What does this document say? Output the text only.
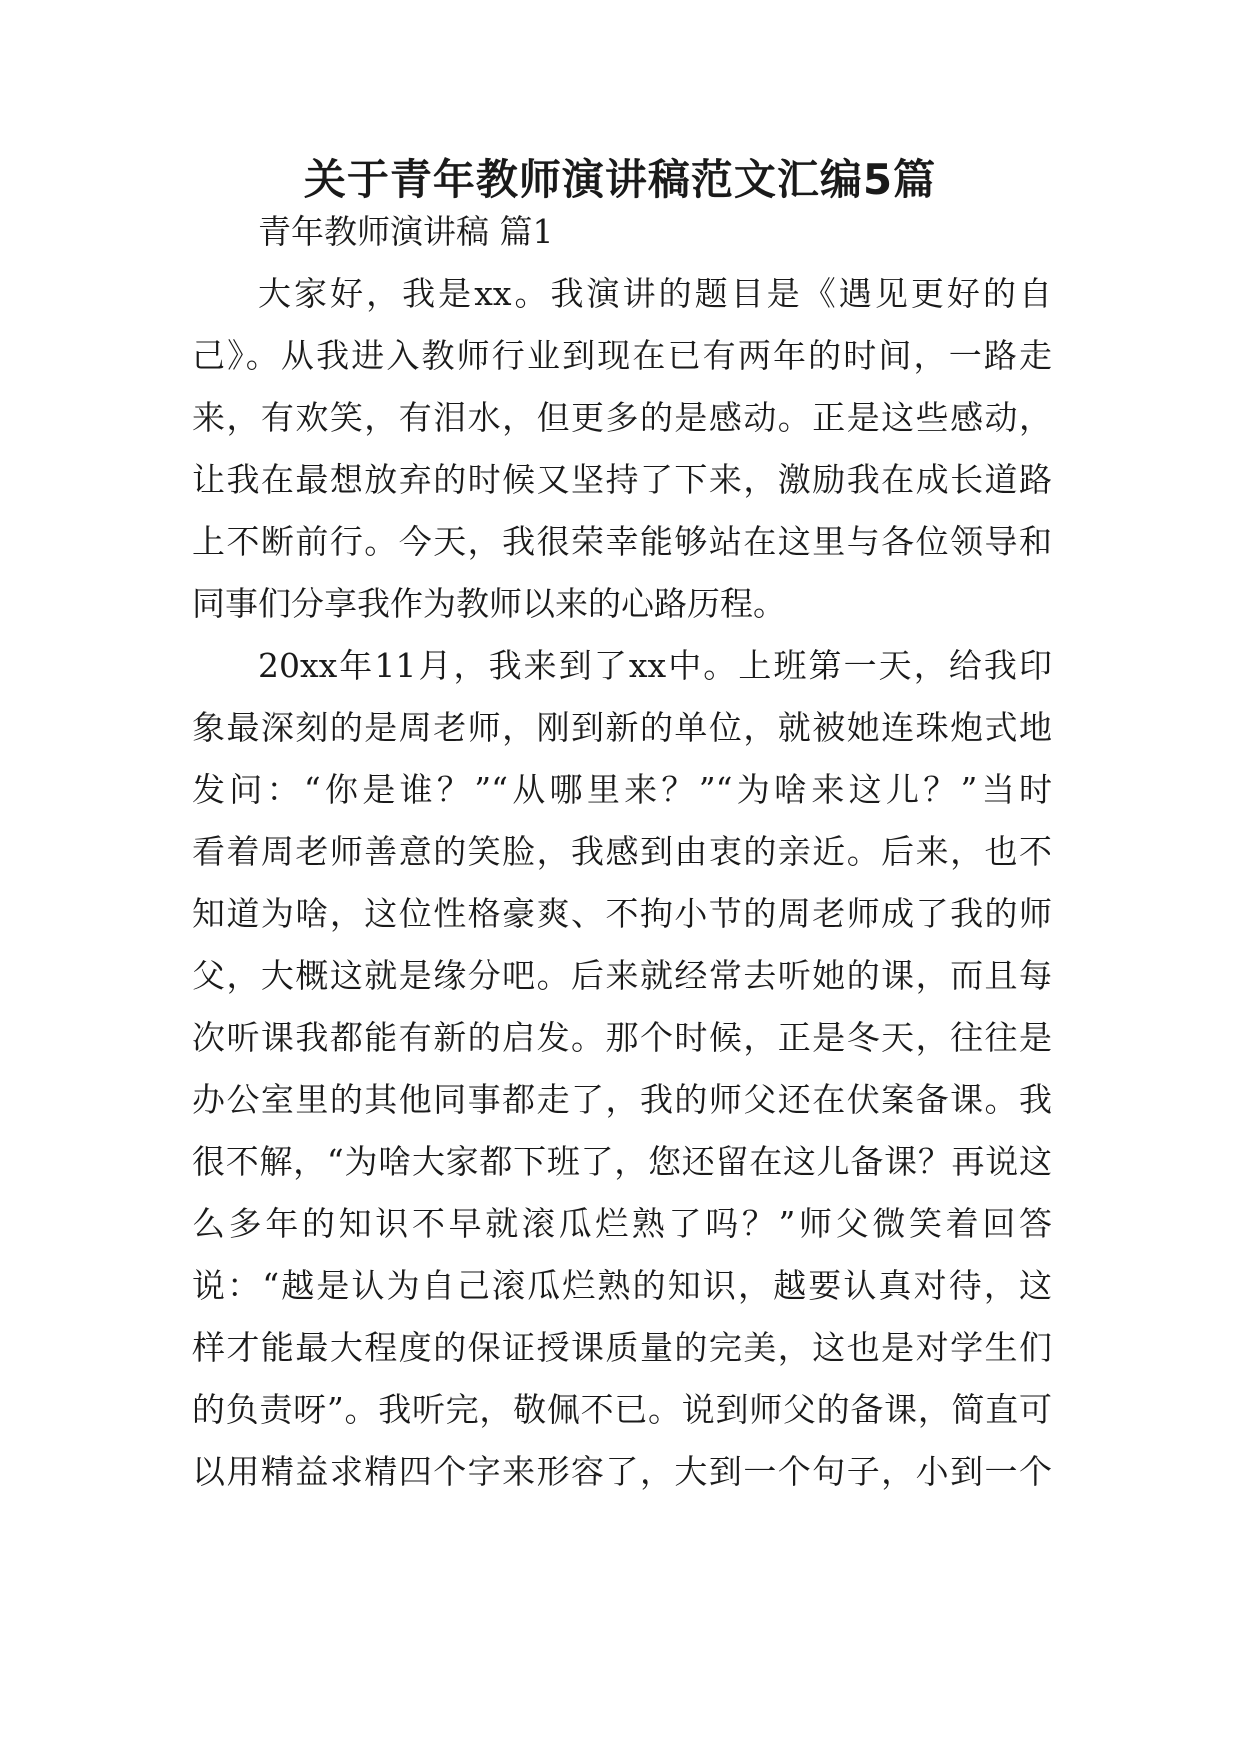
关于青年教师演讲稿范文汇编5篇
青年教师演讲稿 篇1
大家好，我是xx。我演讲的题目是《遇见更好的自
己》。从我进入教师行业到现在已有两年的时间，一路走
来，有欢笑，有泪水，但更多的是感动。正是这些感动，
让我在最想放弃的时候又坚持了下来，激励我在成长道路
上不断前行。今天，我很荣幸能够站在这里与各位领导和
同事们分享我作为教师以来的心路历程。
20xx年11月，我来到了xx中。上班第一天，给我印
象最深刻的是周老师，刚到新的单位，就被她连珠炮式地
发问：“你是谁？”“从哪里来？”“为啥来这儿？”当时
看着周老师善意的笑脸，我感到由衷的亲近。后来，也不
知道为啥，这位性格豪爽、不拘小节的周老师成了我的师
父，大概这就是缘分吧。后来就经常去听她的课，而且每
次听课我都能有新的启发。那个时候，正是冬天，往往是
办公室里的其他同事都走了，我的师父还在伏案备课。我
很不解，“为啥大家都下班了，您还留在这儿备课？再说这
么多年的知识不早就滚瓜烂熟了吗？”师父微笑着回答
说：“越是认为自己滚瓜烂熟的知识，越要认真对待，这
样才能最大程度的保证授课质量的完美，这也是对学生们
的负责呀”。我听完，敬佩不已。说到师父的备课，简直可
以用精益求精四个字来形容了，大到一个句子，小到一个
